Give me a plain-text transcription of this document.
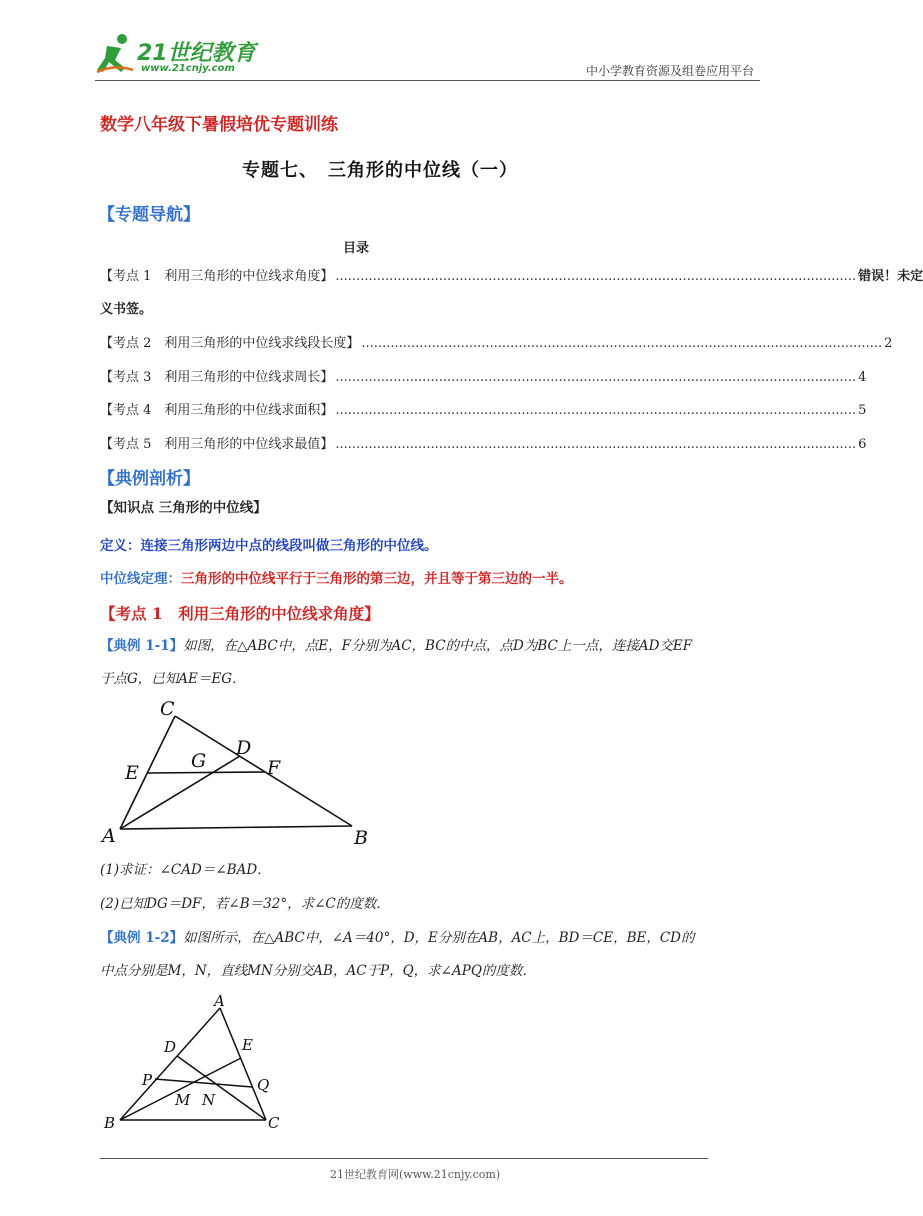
21世纪教育
www.21cnjy.com	中小学教育资源及组卷应用平台
数学八年级下暑假培优专题训练
专题七、　三角形的中位线（一）
【专题导航】
目录
【考点 1　利用三角形的中位线求角度】 .............................................................................................................................. 错误！未定
义书签。
【考点 2　利用三角形的中位线求线段长度】 .............................................................................................................................. 2
【考点 3　利用三角形的中位线求周长】 .............................................................................................................................. 4
【考点 4　利用三角形的中位线求面积】 .............................................................................................................................. 5
【考点 5　利用三角形的中位线求最值】 .............................................................................................................................. 6
【典例剖析】
【知识点 三角形的中位线】
定义：连接三角形两边中点的线段叫做三角形的中位线。
中位线定理：三角形的中位线平行于三角形的第三边，并且等于第三边的一半。
【考点 1　利用三角形的中位线求角度】
【典例 1-1】如图，在△ABC中，点E，F分别为AC，BC的中点，点D为BC上一点，连接AD交EF
于点G，已知AE＝EG．
C
D
E
G	F
A	B
(1)求证：∠CAD＝∠BAD．
(2)已知DG＝DF，若∠B＝32°，求∠C的度数．
【典例 1-2】如图所示，在△ABC中，∠A＝40°，D，E分别在AB，AC上，BD＝CE，BE，CD的
中点分别是M，N，直线MN分别交AB，AC于P，Q，求∠APQ的度数．
A
D	E
P	Q
M N
B	C
21世纪教育网(www.21cnjy.com)
